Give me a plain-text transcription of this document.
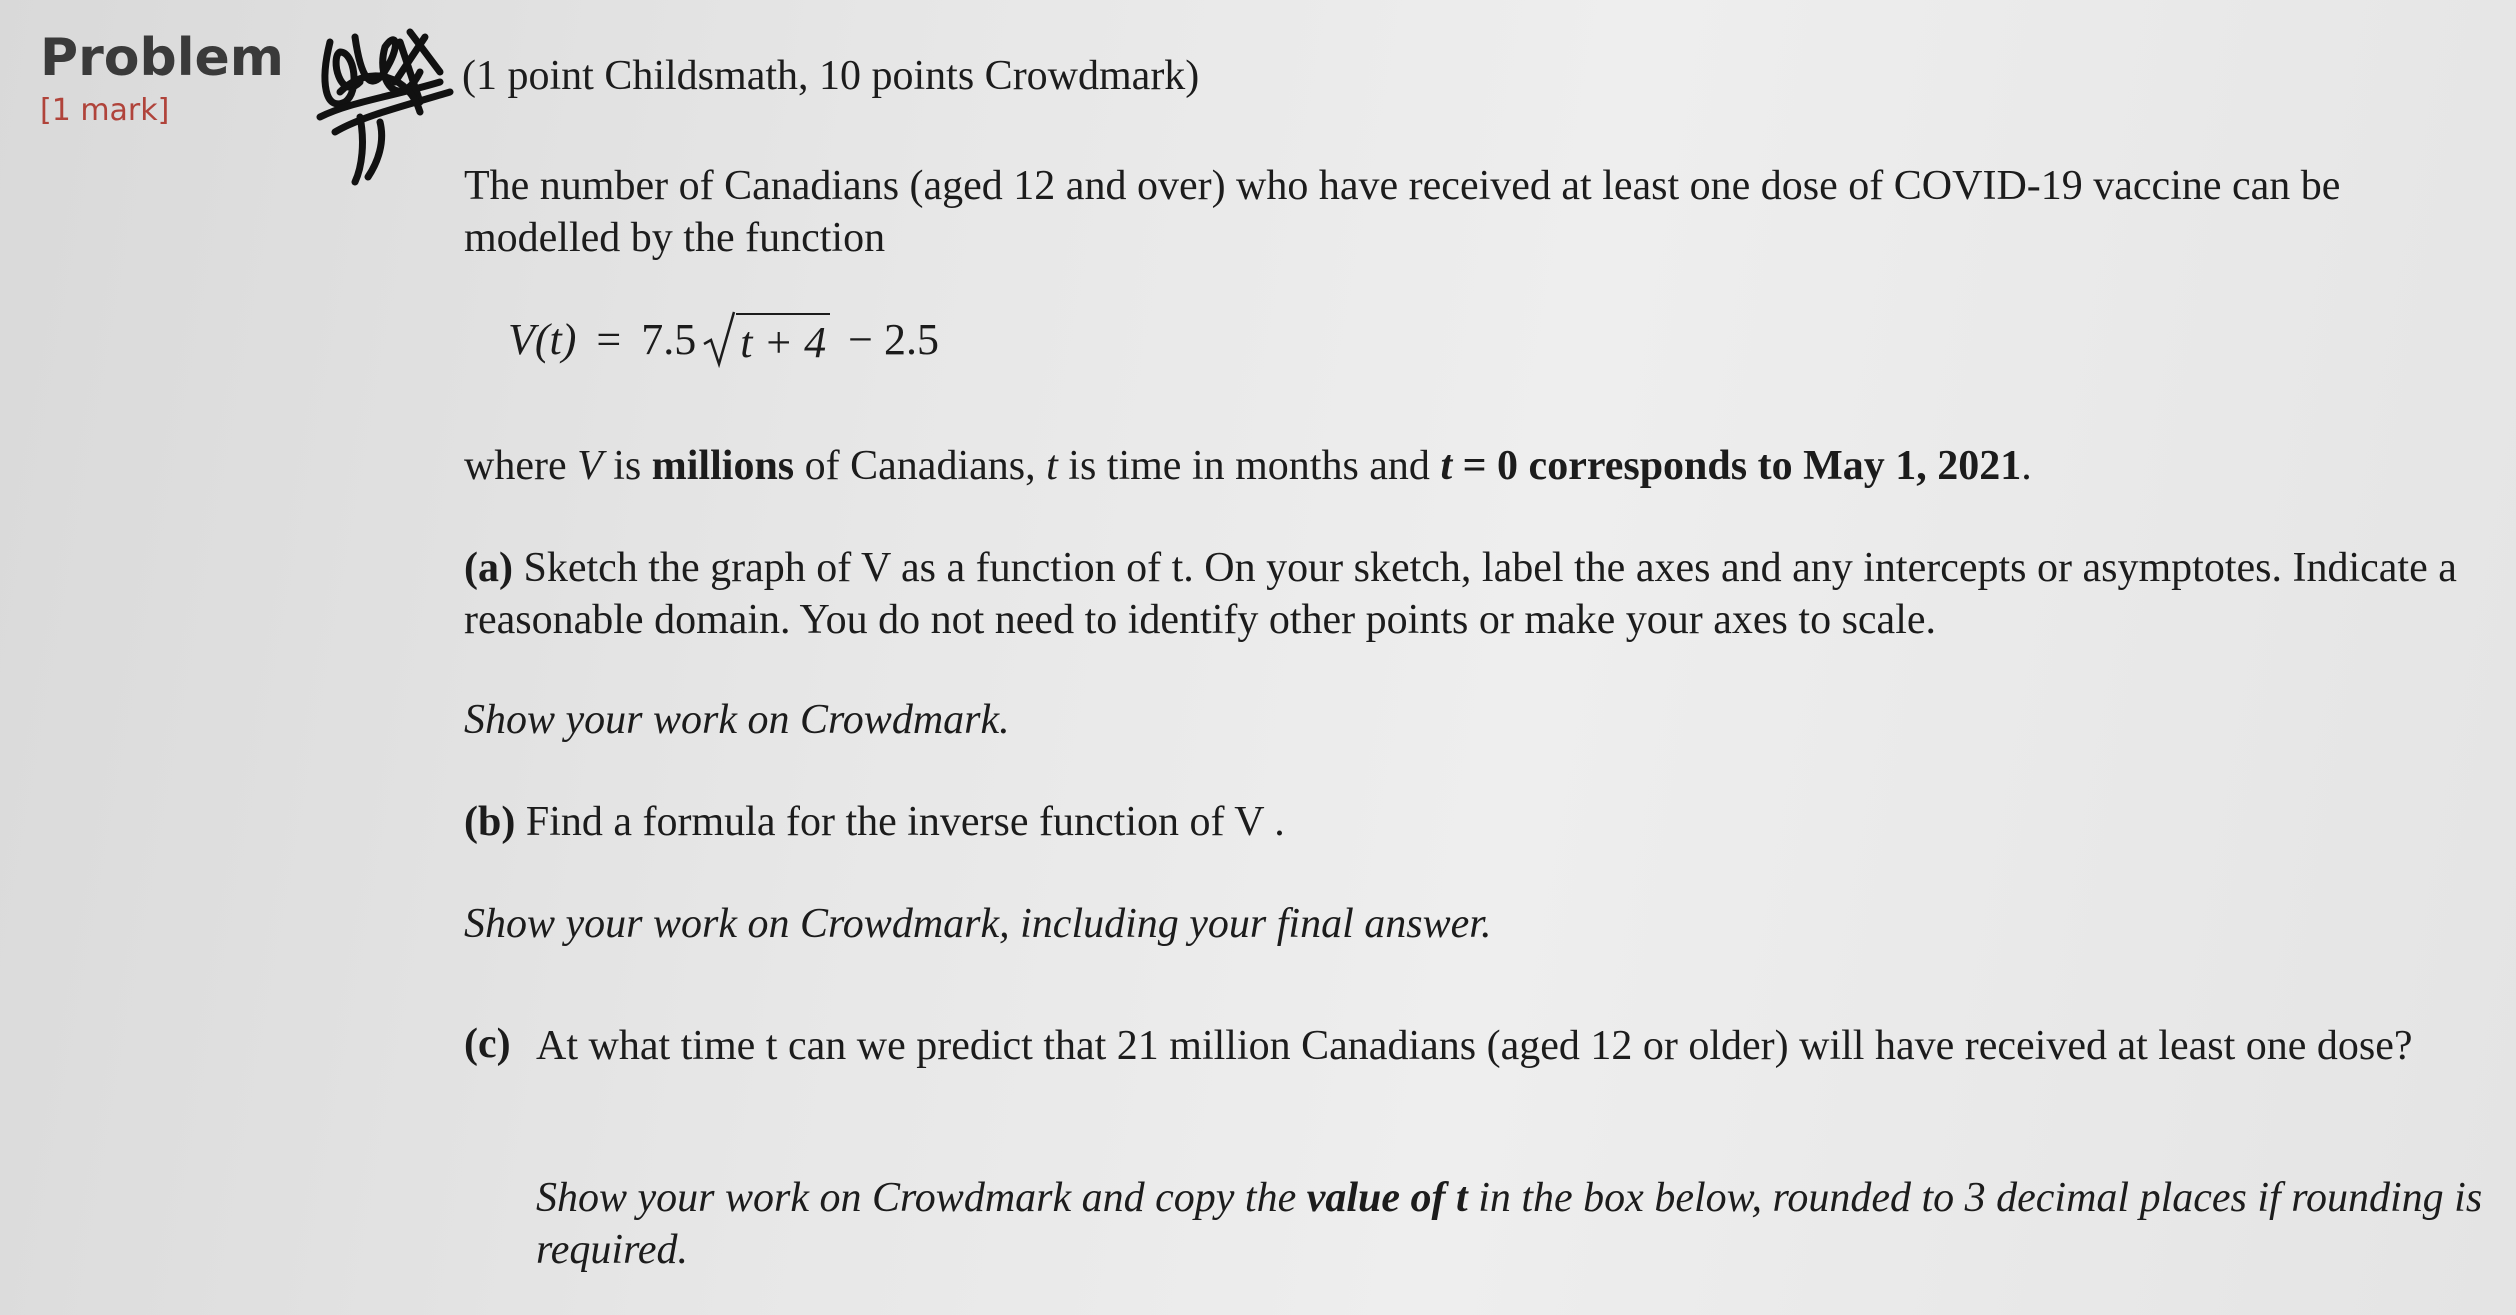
Problem
[1 mark]
(1 point Childsmath, 10 points Crowdmark)
The number of Canadians (aged 12 and over) who have received at least one dose of COVID-19 vaccine can be modelled by the function
V(t) = 7.5 t + 4 − 2.5
where V is millions of Canadians, t is time in months and t = 0 corresponds to May 1, 2021.
(a) Sketch the graph of V as a function of t. On your sketch, label the axes and any intercepts or asymptotes. Indicate a reasonable domain. You do not need to identify other points or make your axes to scale.
Show your work on Crowdmark.
(b) Find a formula for the inverse function of V .
Show your work on Crowdmark, including your final answer.
(c) At what time t can we predict that 21 million Canadians (aged 12 or older) will have received at least one dose?
Show your work on Crowdmark and copy the value of t in the box below, rounded to 3 decimal places if rounding is required.
